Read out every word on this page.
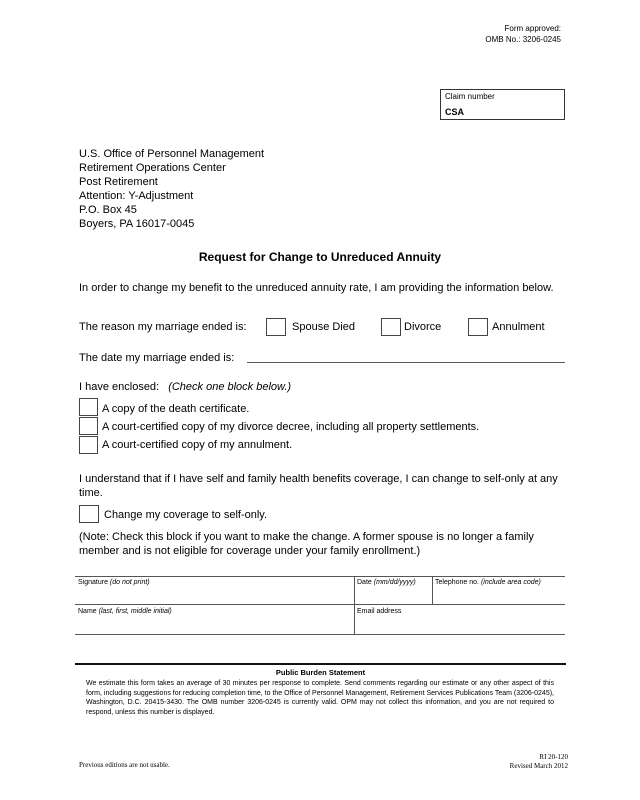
Form approved:
OMB No.: 3206-0245
Claim number
CSA
U.S. Office of Personnel Management
Retirement Operations Center
Post Retirement
Attention: Y-Adjustment
P.O. Box 45
Boyers, PA 16017-0045
Request for Change to Unreduced Annuity
In order to change my benefit to the unreduced annuity rate, I am providing the information below.
The reason my marriage ended is:	Spouse Died	Divorce	Annulment
The date my marriage ended is:
I have enclosed: (Check one block below.)
A copy of the death certificate.
A court-certified copy of my divorce decree, including all property settlements.
A court-certified copy of my annulment.
I understand that if I have self and family health benefits coverage, I can change to self-only at any time.
Change my coverage to self-only.
(Note: Check this block if you want to make the change. A former spouse is no longer a family member and is not eligible for coverage under your family enrollment.)
Signature (do not print)	Date (mm/dd/yyyy)	Telephone no. (include area code)
Name (last, first, middle initial)	Email address
Public Burden Statement
We estimate this form takes an average of 30 minutes per response to complete. Send comments regarding our estimate or any other aspect of this form, including suggestions for reducing completion time, to the Office of Personnel Management, Retirement Services Publications Team (3206-0245), Washington, D.C. 20415-3430. The OMB number 3206-0245 is currently valid. OPM may not collect this information, and you are not required to respond, unless this number is displayed.
Previous editions are not usable.
RI 20-120
Revised March 2012
